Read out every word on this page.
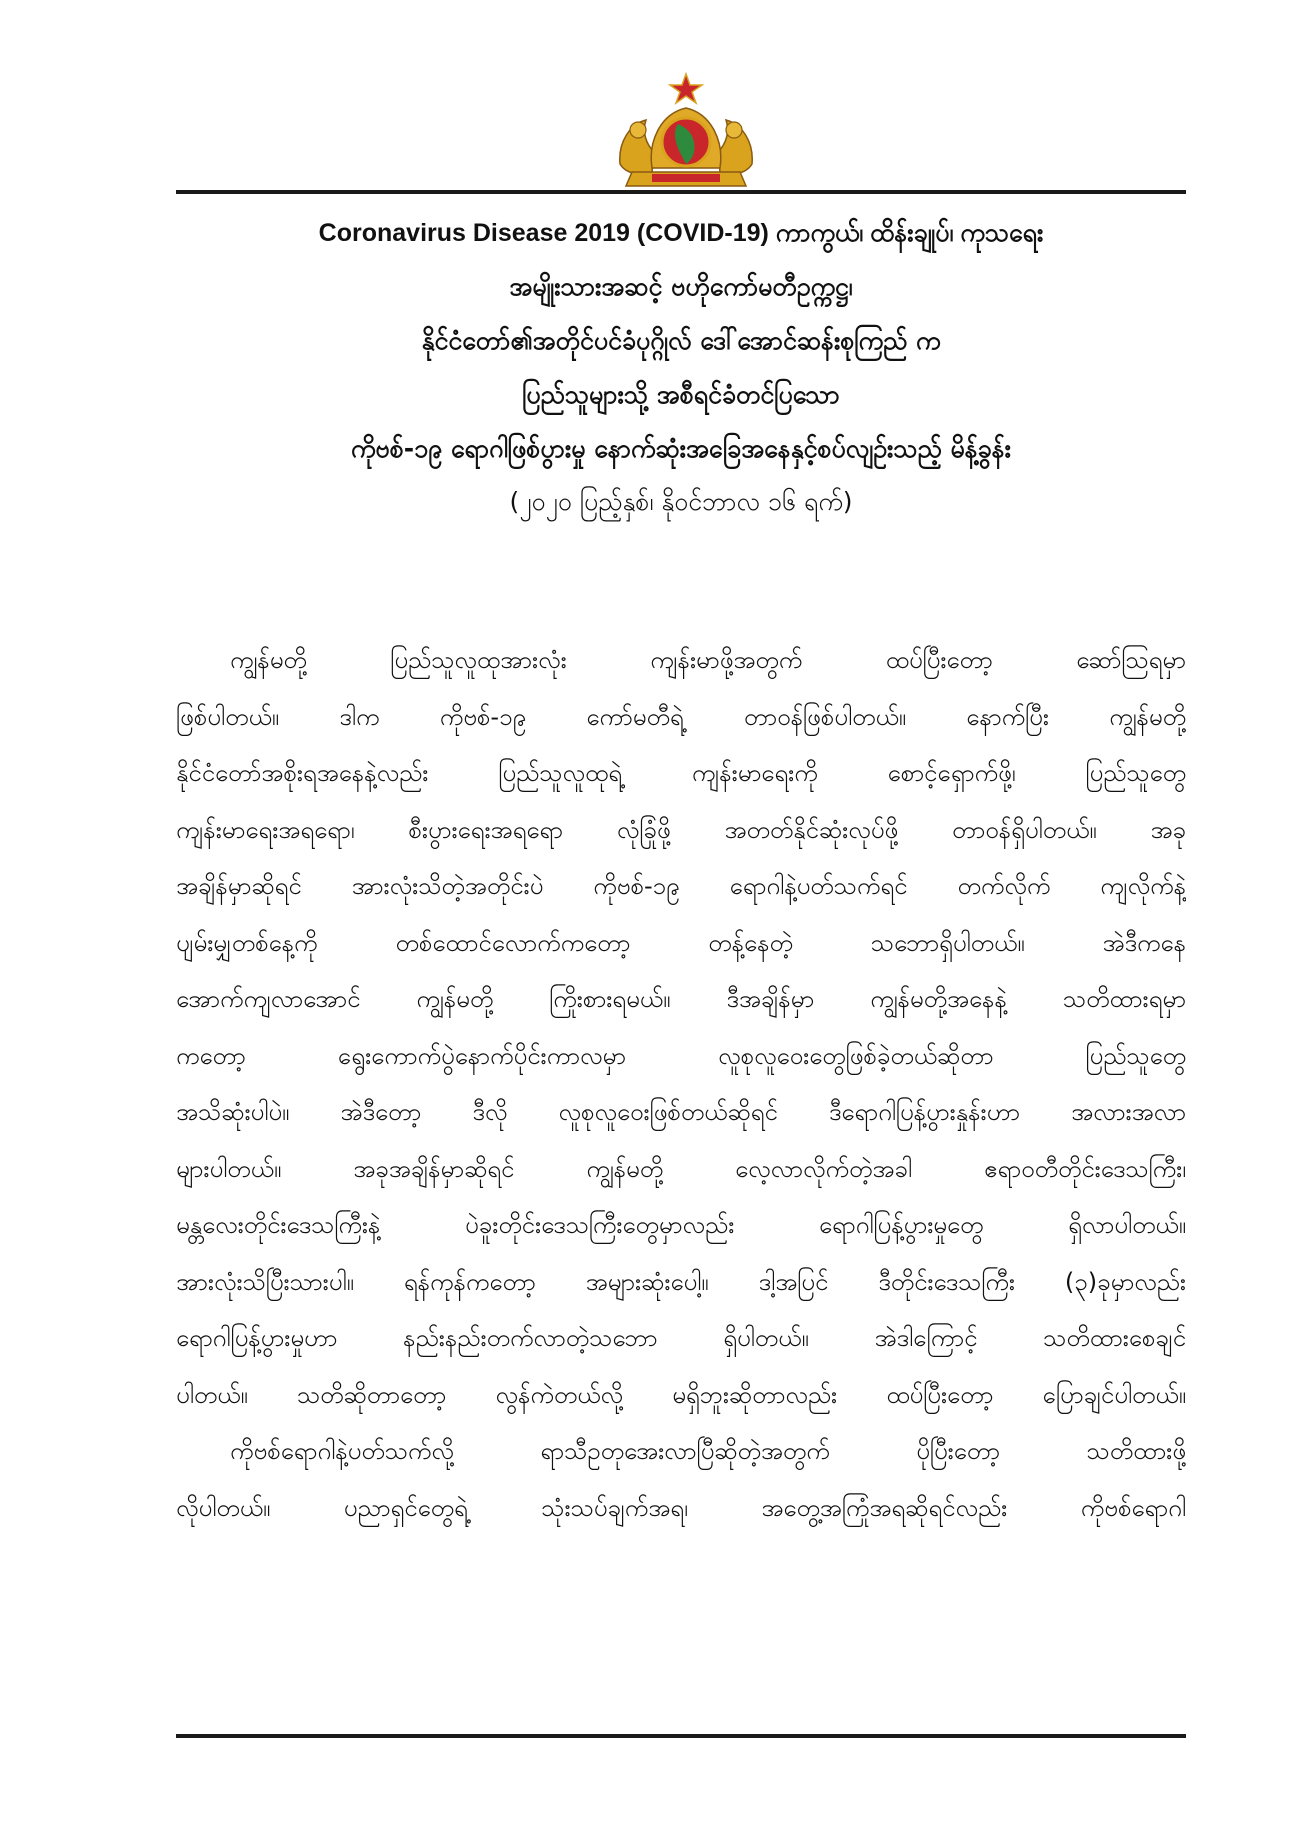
Coronavirus Disease 2019 (COVID-19) ကာကွယ်၊ ထိန်းချုပ်၊ ကုသရေး
အမျိုးသားအဆင့် ဗဟိုကော်မတီဥက္ကဋ္ဌ၊
နိုင်ငံတော်၏အတိုင်ပင်ခံပုဂ္ဂိုလ် ဒေါ်အောင်ဆန်းစုကြည် က
ပြည်သူများသို့ အစီရင်ခံတင်ပြသော
ကိုဗစ်-၁၉ ရောဂါဖြစ်ပွားမှု နောက်ဆုံးအခြေအနေနှင့်စပ်လျဉ်းသည့် မိန့်ခွန်း
(၂၀၂၀ ပြည့်နှစ်၊ နိုဝင်ဘာလ ၁၆ ရက်)

ကျွန်မတို့ ပြည်သူလူထုအားလုံး ကျန်းမာဖို့အတွက် ထပ်ပြီးတော့ ဆော်သြရမှာ
ဖြစ်ပါတယ်။ ဒါက ကိုဗစ်-၁၉ ကော်မတီရဲ့ တာဝန်ဖြစ်ပါတယ်။ နောက်ပြီး ကျွန်မတို့
နိုင်ငံတော်အစိုးရအနေနဲ့လည်း ပြည်သူလူထုရဲ့ ကျန်းမာရေးကို စောင့်ရှောက်ဖို့၊ ပြည်သူတွေ
ကျန်းမာရေးအရရော၊ စီးပွားရေးအရရော လုံခြုံဖို့ အတတ်နိုင်ဆုံးလုပ်ဖို့ တာဝန်ရှိပါတယ်။ အခု
အချိန်မှာဆိုရင် အားလုံးသိတဲ့အတိုင်းပဲ ကိုဗစ်-၁၉ ရောဂါနဲ့ပတ်သက်ရင် တက်လိုက် ကျလိုက်နဲ့
ပျမ်းမျှတစ်နေ့ကို တစ်ထောင်လောက်ကတော့ တန့်နေတဲ့ သဘောရှိပါတယ်။ အဲဒီကနေ
အောက်ကျလာအောင် ကျွန်မတို့ ကြိုးစားရမယ်။ ဒီအချိန်မှာ ကျွန်မတို့အနေနဲ့ သတိထားရမှာ
ကတော့ ရွေးကောက်ပွဲနောက်ပိုင်းကာလမှာ လူစုလူဝေးတွေဖြစ်ခဲ့တယ်ဆိုတာ ပြည်သူတွေ
အသိဆုံးပါပဲ။ အဲဒီတော့ ဒီလို လူစုလူဝေးဖြစ်တယ်ဆိုရင် ဒီရောဂါပြန့်ပွားနှုန်းဟာ အလားအလာ
များပါတယ်။ အခုအချိန်မှာဆိုရင် ကျွန်မတို့ လေ့လာလိုက်တဲ့အခါ ဧရာဝတီတိုင်းဒေသကြီး၊
မန္တလေးတိုင်းဒေသကြီးနဲ့ ပဲခူးတိုင်းဒေသကြီးတွေမှာလည်း ရောဂါပြန့်ပွားမှုတွေ ရှိလာပါတယ်။
အားလုံးသိပြီးသားပါ။ ရန်ကုန်ကတော့ အများဆုံးပေါ့။ ဒါ့အပြင် ဒီတိုင်းဒေသကြီး (၃)ခုမှာလည်း
ရောဂါပြန့်ပွားမှုဟာ နည်းနည်းတက်လာတဲ့သဘော ရှိပါတယ်။ အဲဒါကြောင့် သတိထားစေချင်
ပါတယ်။ သတိဆိုတာတော့ လွန်ကဲတယ်လို့ မရှိဘူးဆိုတာလည်း ထပ်ပြီးတော့ ပြောချင်ပါတယ်။

ကိုဗစ်ရောဂါနဲ့ပတ်သက်လို့ ရာသီဥတုအေးလာပြီဆိုတဲ့အတွက် ပိုပြီးတော့ သတိထားဖို့
လိုပါတယ်။ ပညာရှင်တွေရဲ့ သုံးသပ်ချက်အရ၊ အတွေ့အကြုံအရဆိုရင်လည်း ကိုဗစ်ရောဂါ
